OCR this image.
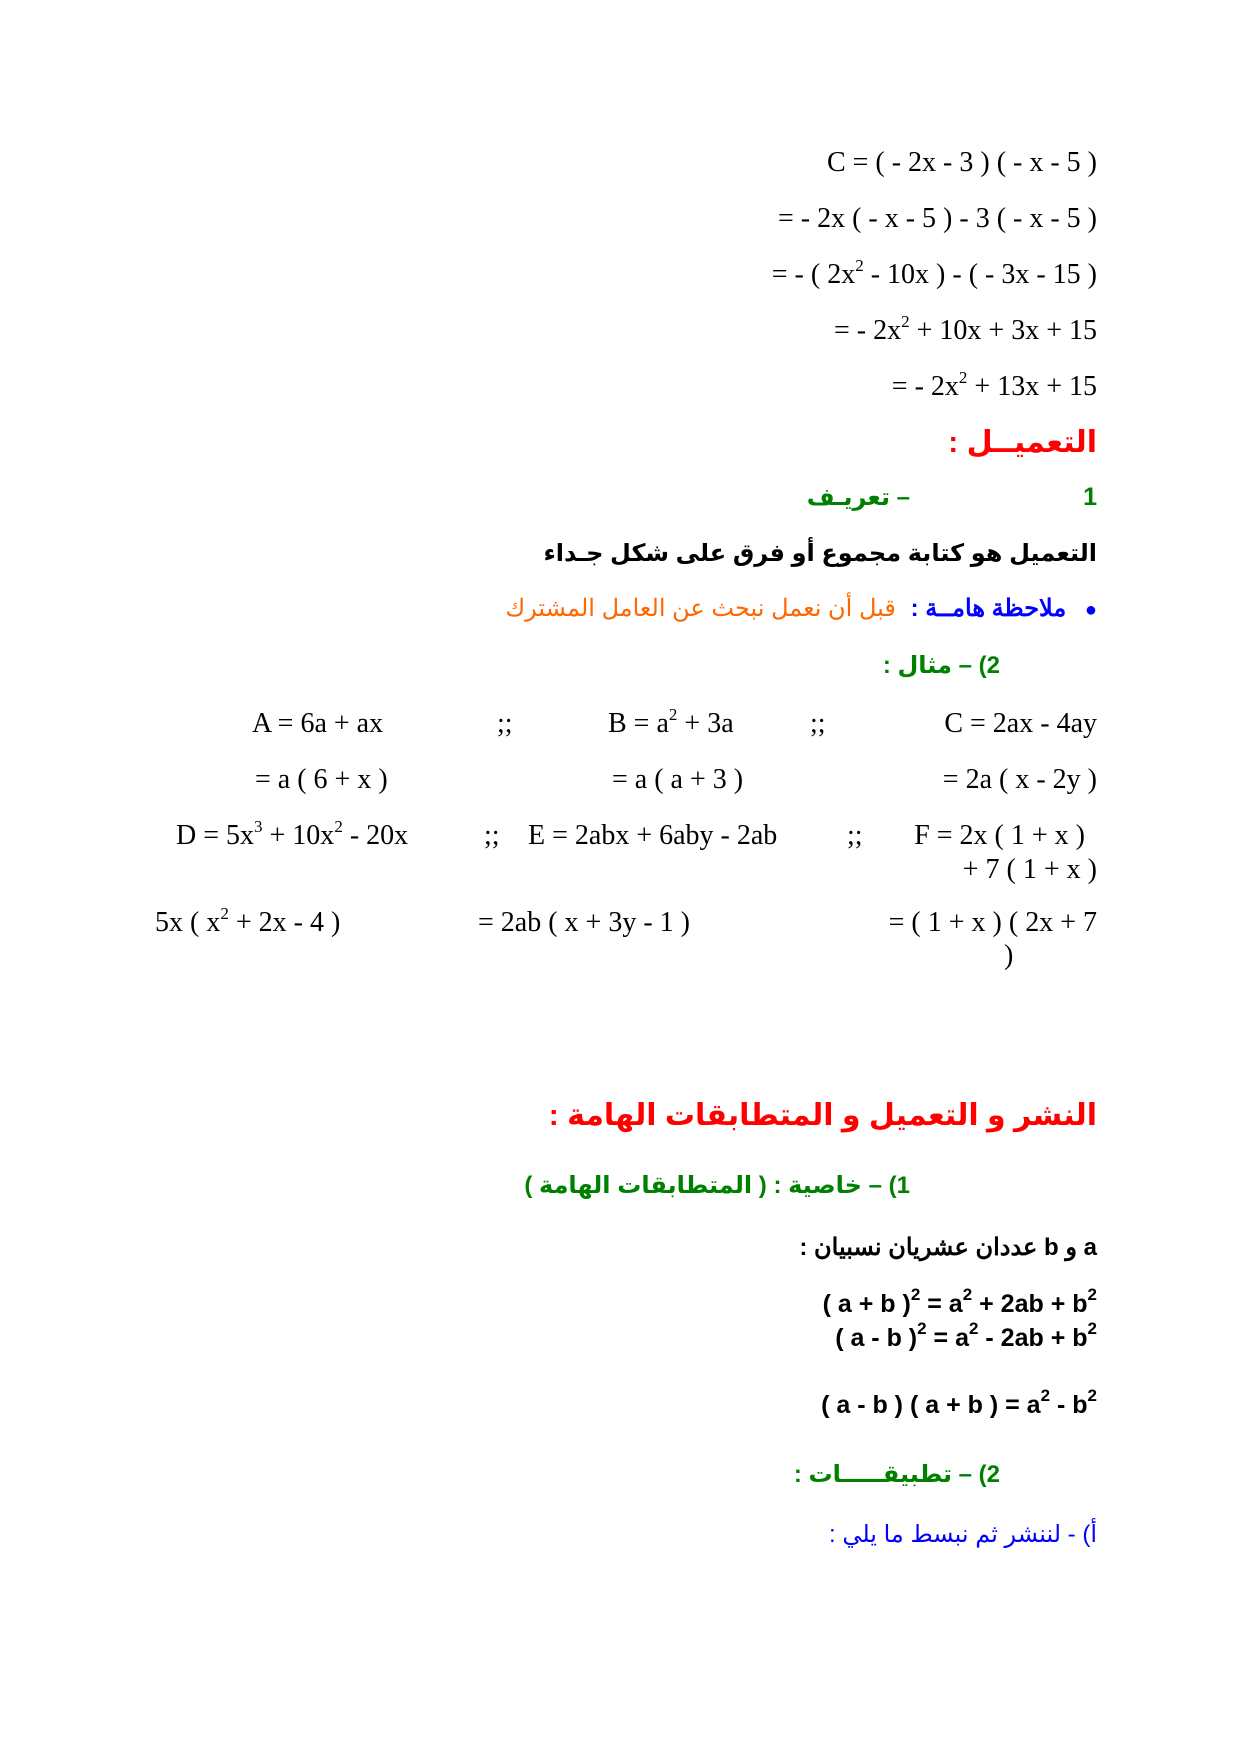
C = ( - 2x - 3 ) ( - x - 5 )
= - 2x ( - x - 5 ) - 3 ( - x - 5 )
= - ( $2x^2 - 10x$ ) - ( - 3x - 15 )
= - $2x^2 + 10x + 3x + 15$
= - $2x^2 + 13x + 15$
التعميــل :
1
– تعريـف
التعميل هو كتابة مجموع أو فرق على شكل جـداء
● ملاحظة هامــة : قبل أن نعمل نبحث عن العامل المشترك
2) – مثال :
A = 6a + ax	;;	$B = a^2 + 3a$	;;	C = 2ax - 4ay
= a ( 6 + x )	= a ( a + 3 )	= 2a ( x - 2y )
$D = 5x^3 + 10x^2 - 20x$	;; E = 2abx + 6aby - 2ab ;; F = 2x ( 1 + x )
+ 7 ( 1 + x )
5x ( $x^2 + 2x - 4$ )	= 2ab ( x + 3y - 1 )	= ( 1 + x ) ( 2x + 7
)
النشر و التعميل و المتطابقات الهامة :
1) – خاصية : ( المتطابقات الهامة )
a و b عددان عشريان نسبيان :
( a + b )$^2 = a^2 + 2ab + b^2$
( a - b )$^2 = a^2 - 2ab + b^2$
( a - b ) ( a + b ) = $a^2 - b^2$
2) – تطبيقـــــات :
أ) - لننشر ثم نبسط ما يلي :
